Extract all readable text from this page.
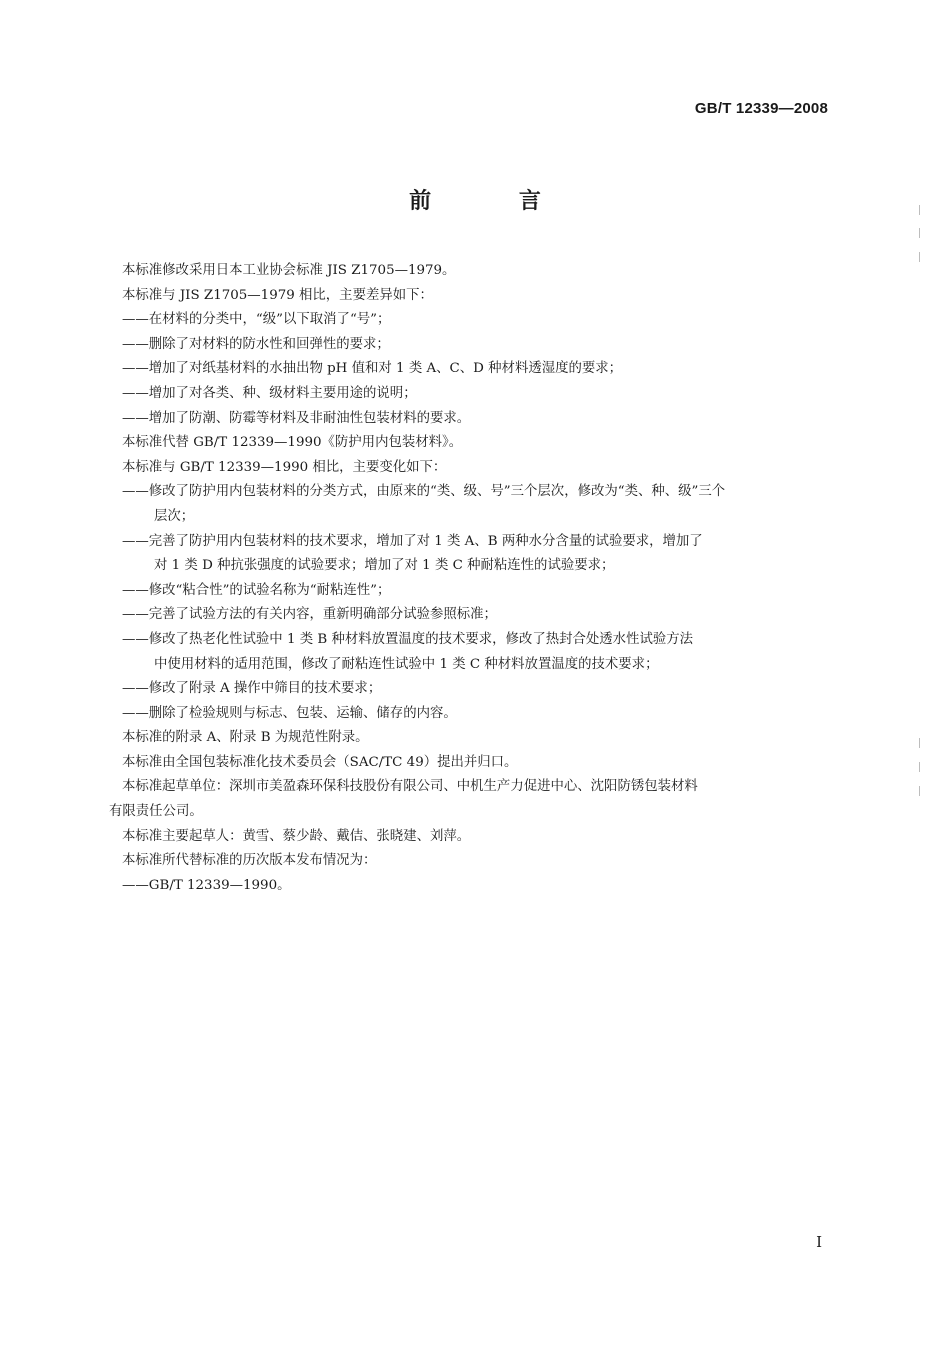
GB/T 12339—2008
前 言

本标准修改采用日本工业协会标准 JIS Z1705—1979。

本标准与 JIS Z1705—1979 相比，主要差异如下：

——在材料的分类中，“级”以下取消了“号”；

——删除了对材料的防水性和回弹性的要求；

——增加了对纸基材料的水抽出物 pH 值和对 1 类 A、C、D 种材料透湿度的要求；

——增加了对各类、种、级材料主要用途的说明；

——增加了防潮、防霉等材料及非耐油性包装材料的要求。

本标准代替 GB/T 12339—1990《防护用内包装材料》。

本标准与 GB/T 12339—1990 相比，主要变化如下：

——修改了防护用内包装材料的分类方式，由原来的“类、级、号”三个层次，修改为“类、种、级”三个

层次；

——完善了防护用内包装材料的技术要求，增加了对 1 类 A、B 两种水分含量的试验要求，增加了

对 1 类 D 种抗张强度的试验要求；增加了对 1 类 C 种耐粘连性的试验要求；

——修改“粘合性”的试验名称为“耐粘连性”；

——完善了试验方法的有关内容，重新明确部分试验参照标准；

——修改了热老化性试验中 1 类 B 种材料放置温度的技术要求，修改了热封合处透水性试验方法

中使用材料的适用范围，修改了耐粘连性试验中 1 类 C 种材料放置温度的技术要求；

——修改了附录 A 操作中筛目的技术要求；

——删除了检验规则与标志、包装、运输、储存的内容。

本标准的附录 A、附录 B 为规范性附录。

本标准由全国包装标准化技术委员会（SAC/TC 49）提出并归口。

本标准起草单位：深圳市美盈森环保科技股份有限公司、中机生产力促进中心、沈阳防锈包装材料

有限责任公司。

本标准主要起草人：黄雪、蔡少龄、戴佶、张晓建、刘萍。

本标准所代替标准的历次版本发布情况为：

——GB/T 12339—1990。

I
